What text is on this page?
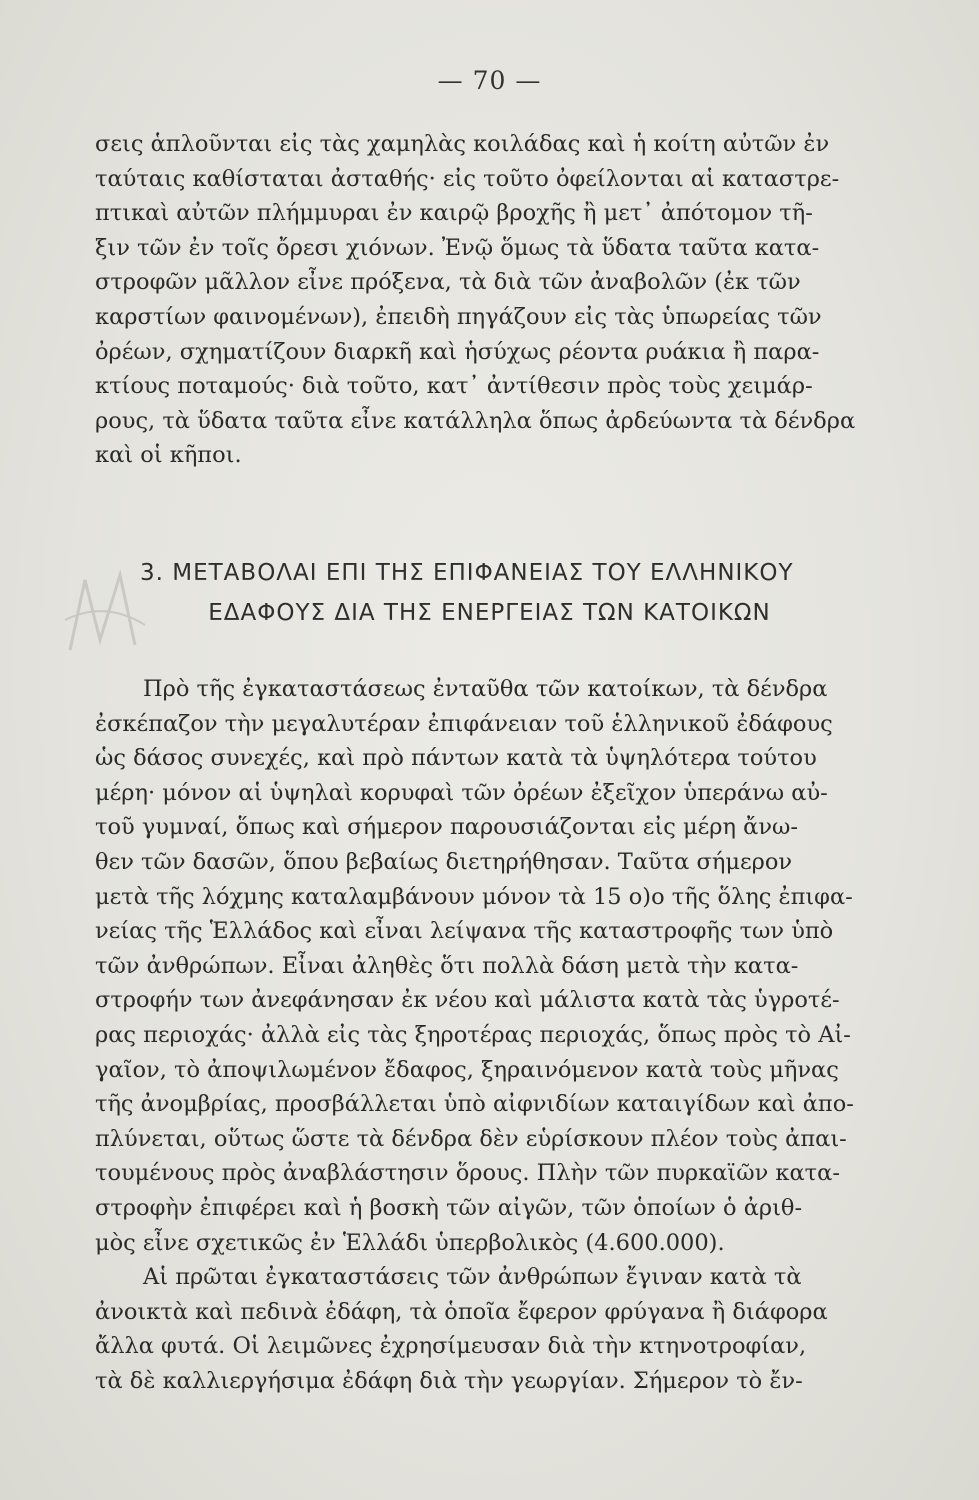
— 70 —
σεις ἁπλοῦνται εἰς τὰς χαμηλὰς κοιλάδας καὶ ἡ κοίτη αὐτῶν ἐν
ταύταις καθίσταται ἀσταθής· εἰς τοῦτο ὀφείλονται αἱ καταστρε-
πτικαὶ αὐτῶν πλήμμυραι ἐν καιρῷ βροχῆς ἢ μετ᾽ ἀπότομον τῆ-
ξιν τῶν ἐν τοῖς ὄρεσι χιόνων. Ἐνῷ ὅμως τὰ ὕδατα ταῦτα κατα-
στροφῶν μᾶλλον εἶνε πρόξενα, τὰ διὰ τῶν ἀναβολῶν (ἐκ τῶν
καρστίων φαινομένων), ἐπειδὴ πηγάζουν εἰς τὰς ὑπωρείας τῶν
ὀρέων, σχηματίζουν διαρκῆ καὶ ἡσύχως ρέοντα ρυάκια ἢ παρα-
κτίους ποταμούς· διὰ τοῦτο, κατ᾽ ἀντίθεσιν πρὸς τοὺς χειμάρ-
ρους, τὰ ὕδατα ταῦτα εἶνε κατάλληλα ὅπως ἀρδεύωντα τὰ δένδρα
καὶ οἱ κῆποι.
3. ΜΕΤΑΒΟΛΑΙ ΕΠΙ ΤΗΣ ΕΠΙΦΑΝΕΙΑΣ ΤΟΥ ΕΛΛΗΝΙΚΟΥ
ΕΔΑΦΟΥΣ ΔΙΑ ΤΗΣ ΕΝΕΡΓΕΙΑΣ ΤΩΝ ΚΑΤΟΙΚΩΝ
Πρὸ τῆς ἐγκαταστάσεως ἐνταῦθα τῶν κατοίκων, τὰ δένδρα
ἐσκέπαζον τὴν μεγαλυτέραν ἐπιφάνειαν τοῦ ἑλληνικοῦ ἐδάφους
ὡς δάσος συνεχές, καὶ πρὸ πάντων κατὰ τὰ ὑψηλότερα τούτου
μέρη· μόνον αἱ ὑψηλαὶ κορυφαὶ τῶν ὀρέων ἐξεῖχον ὑπεράνω αὐ-
τοῦ γυμναί, ὅπως καὶ σήμερον παρουσιάζονται εἰς μέρη ἄνω-
θεν τῶν δασῶν, ὅπου βεβαίως διετηρήθησαν. Ταῦτα σήμερον
μετὰ τῆς λόχμης καταλαμβάνουν μόνον τὰ 15 ο)ο τῆς ὅλης ἐπιφα-
νείας τῆς Ἑλλάδος καὶ εἶναι λείψανα τῆς καταστροφῆς των ὑπὸ
τῶν ἀνθρώπων. Εἶναι ἀληθὲς ὅτι πολλὰ δάση μετὰ τὴν κατα-
στροφήν των ἀνεφάνησαν ἐκ νέου καὶ μάλιστα κατὰ τὰς ὑγροτέ-
ρας περιοχάς· ἀλλὰ εἰς τὰς ξηροτέρας περιοχάς, ὅπως πρὸς τὸ Αἰ-
γαῖον, τὸ ἀποψιλωμένον ἔδαφος, ξηραινόμενον κατὰ τοὺς μῆνας
τῆς ἀνομβρίας, προσβάλλεται ὑπὸ αἰφνιδίων καταιγίδων καὶ ἀπο-
πλύνεται, οὕτως ὥστε τὰ δένδρα δὲν εὑρίσκουν πλέον τοὺς ἀπαι-
τουμένους πρὸς ἀναβλάστησιν ὅρους. Πλὴν τῶν πυρκαϊῶν κατα-
στροφὴν ἐπιφέρει καὶ ἡ βοσκὴ τῶν αἰγῶν, τῶν ὁποίων ὁ ἀριθ-
μὸς εἶνε σχετικῶς ἐν Ἑλλάδι ὑπερβολικὸς (4.600.000).
Αἱ πρῶται ἐγκαταστάσεις τῶν ἀνθρώπων ἔγιναν κατὰ τὰ
ἀνοικτὰ καὶ πεδινὰ ἐδάφη, τὰ ὁποῖα ἔφερον φρύγανα ἢ διάφορα
ἄλλα φυτά. Οἱ λειμῶνες ἐχρησίμευσαν διὰ τὴν κτηνοτροφίαν,
τὰ δὲ καλλιεργήσιμα ἐδάφη διὰ τὴν γεωργίαν. Σήμερον τὸ ἔν-
